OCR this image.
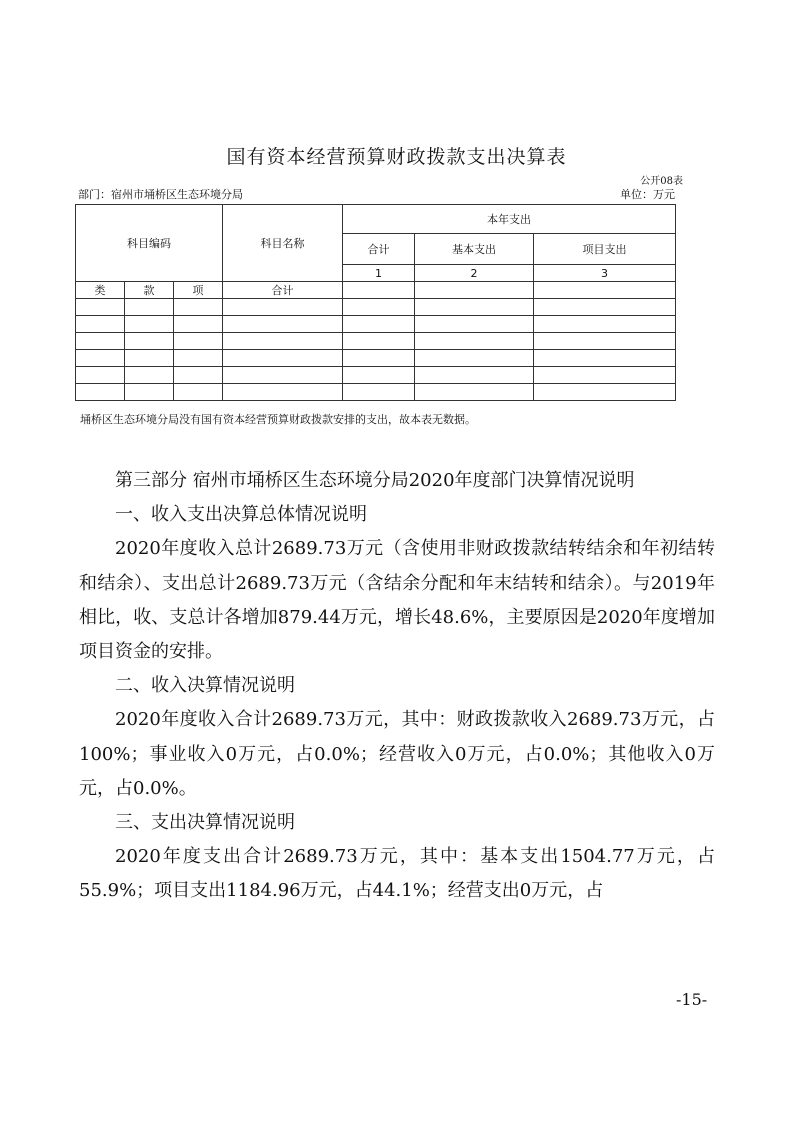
国有资本经营预算财政拨款支出决算表
公开08表
部门：宿州市埇桥区生态环境分局	单位：万元
科目编码			科目名称	本年支出		
				合计	基本支出	项目支出
				1	2	3
类	款	项	合计			

埇桥区生态环境分局没有国有资本经营预算财政拨款安排的支出，故本表无数据。

第三部分 宿州市埇桥区生态环境分局2020年度部门决算情况说明

一、收入支出决算总体情况说明

2020年度收入总计2689.73万元（含使用非财政拨款结转结余和年初结转和结余）、支出总计2689.73万元（含结余分配和年末结转和结余）。与2019年相比，收、支总计各增加879.44万元，增长48.6%，主要原因是2020年度增加项目资金的安排。

二、收入决算情况说明

2020年度收入合计2689.73万元，其中：财政拨款收入2689.73万元，占100%；事业收入0万元，占0.0%；经营收入0万元，占0.0%；其他收入0万元，占0.0%。

三、支出决算情况说明

2020年度支出合计2689.73万元，其中：基本支出1504.77万元，占55.9%；项目支出1184.96万元，占44.1%；经营支出0万元，占

-15-
